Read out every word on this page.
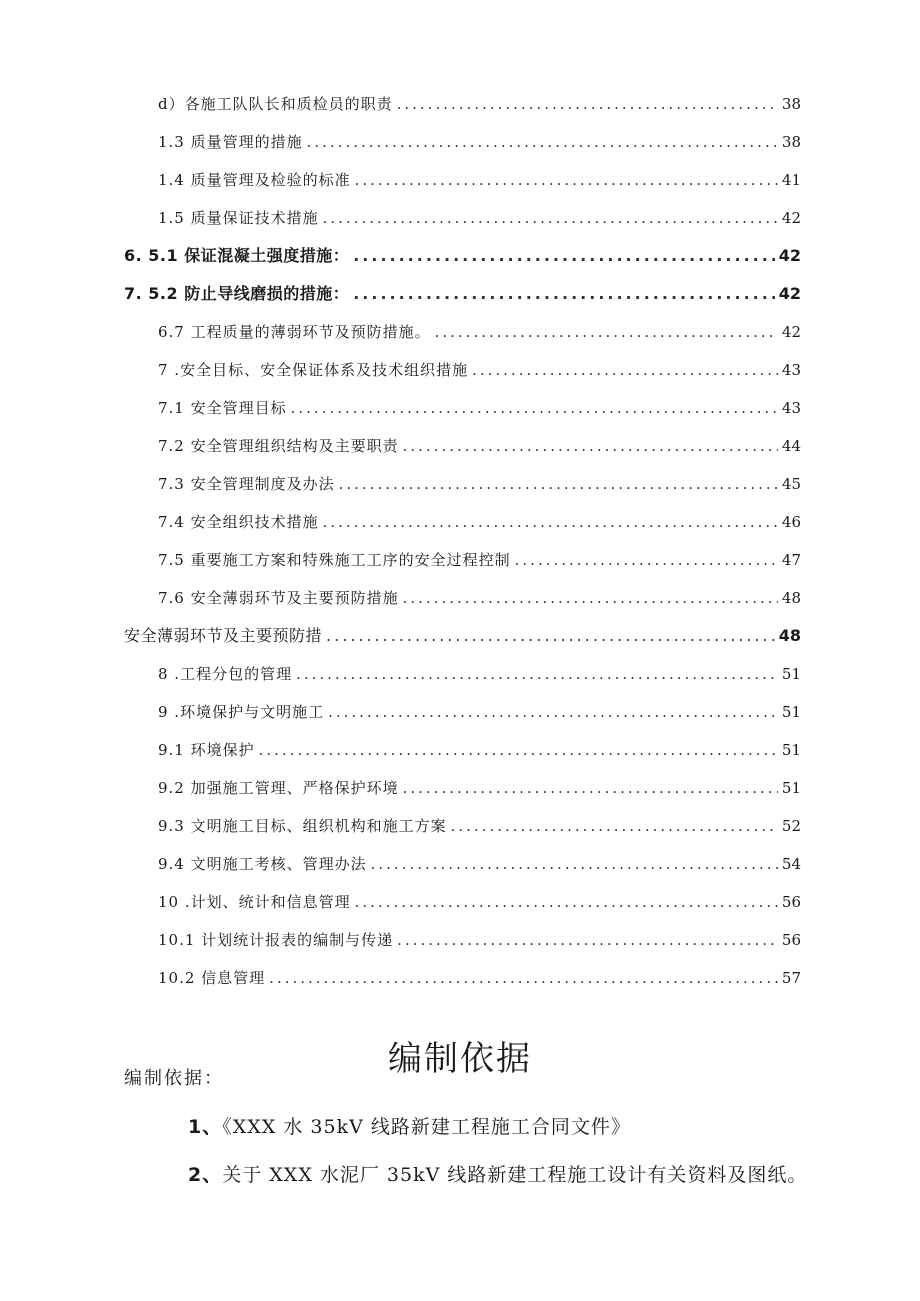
d）各施工队队长和质检员的职责 .....	38
1.3 质量管理的措施 .....	38
1.4 质量管理及检验的标准 .....	41
1.5 质量保证技术措施 .....	42
6. 5.1 保证混凝土强度措施： .....	42
7. 5.2 防止导线磨损的措施： .....	42
6.7 工程质量的薄弱环节及预防措施。 .....	42
7 .安全目标、安全保证体系及技术组织措施 .....	43
7.1 安全管理目标 .....	43
7.2 安全管理组织结构及主要职责 .....	44
7.3 安全管理制度及办法 .....	45
7.4 安全组织技术措施 .....	46
7.5 重要施工方案和特殊施工工序的安全过程控制 .....	47
7.6 安全薄弱环节及主要预防措施 .....	48
安全薄弱环节及主要预防措 .....	48
8 .工程分包的管理 .....	51
9 .环境保护与文明施工 .....	51
9.1 环境保护 .....	51
9.2 加强施工管理、严格保护环境 .....	51
9.3 文明施工目标、组织机构和施工方案 .....	52
9.4 文明施工考核、管理办法 .....	54
10 .计划、统计和信息管理 .....	56
10.1 计划统计报表的编制与传递 .....	56
10.2 信息管理 .....	57
编制依据
编制依据：
1、《XXX 水 35kV 线路新建工程施工合同文件》
2、关于 XXX 水泥厂 35kV 线路新建工程施工设计有关资料及图纸。
